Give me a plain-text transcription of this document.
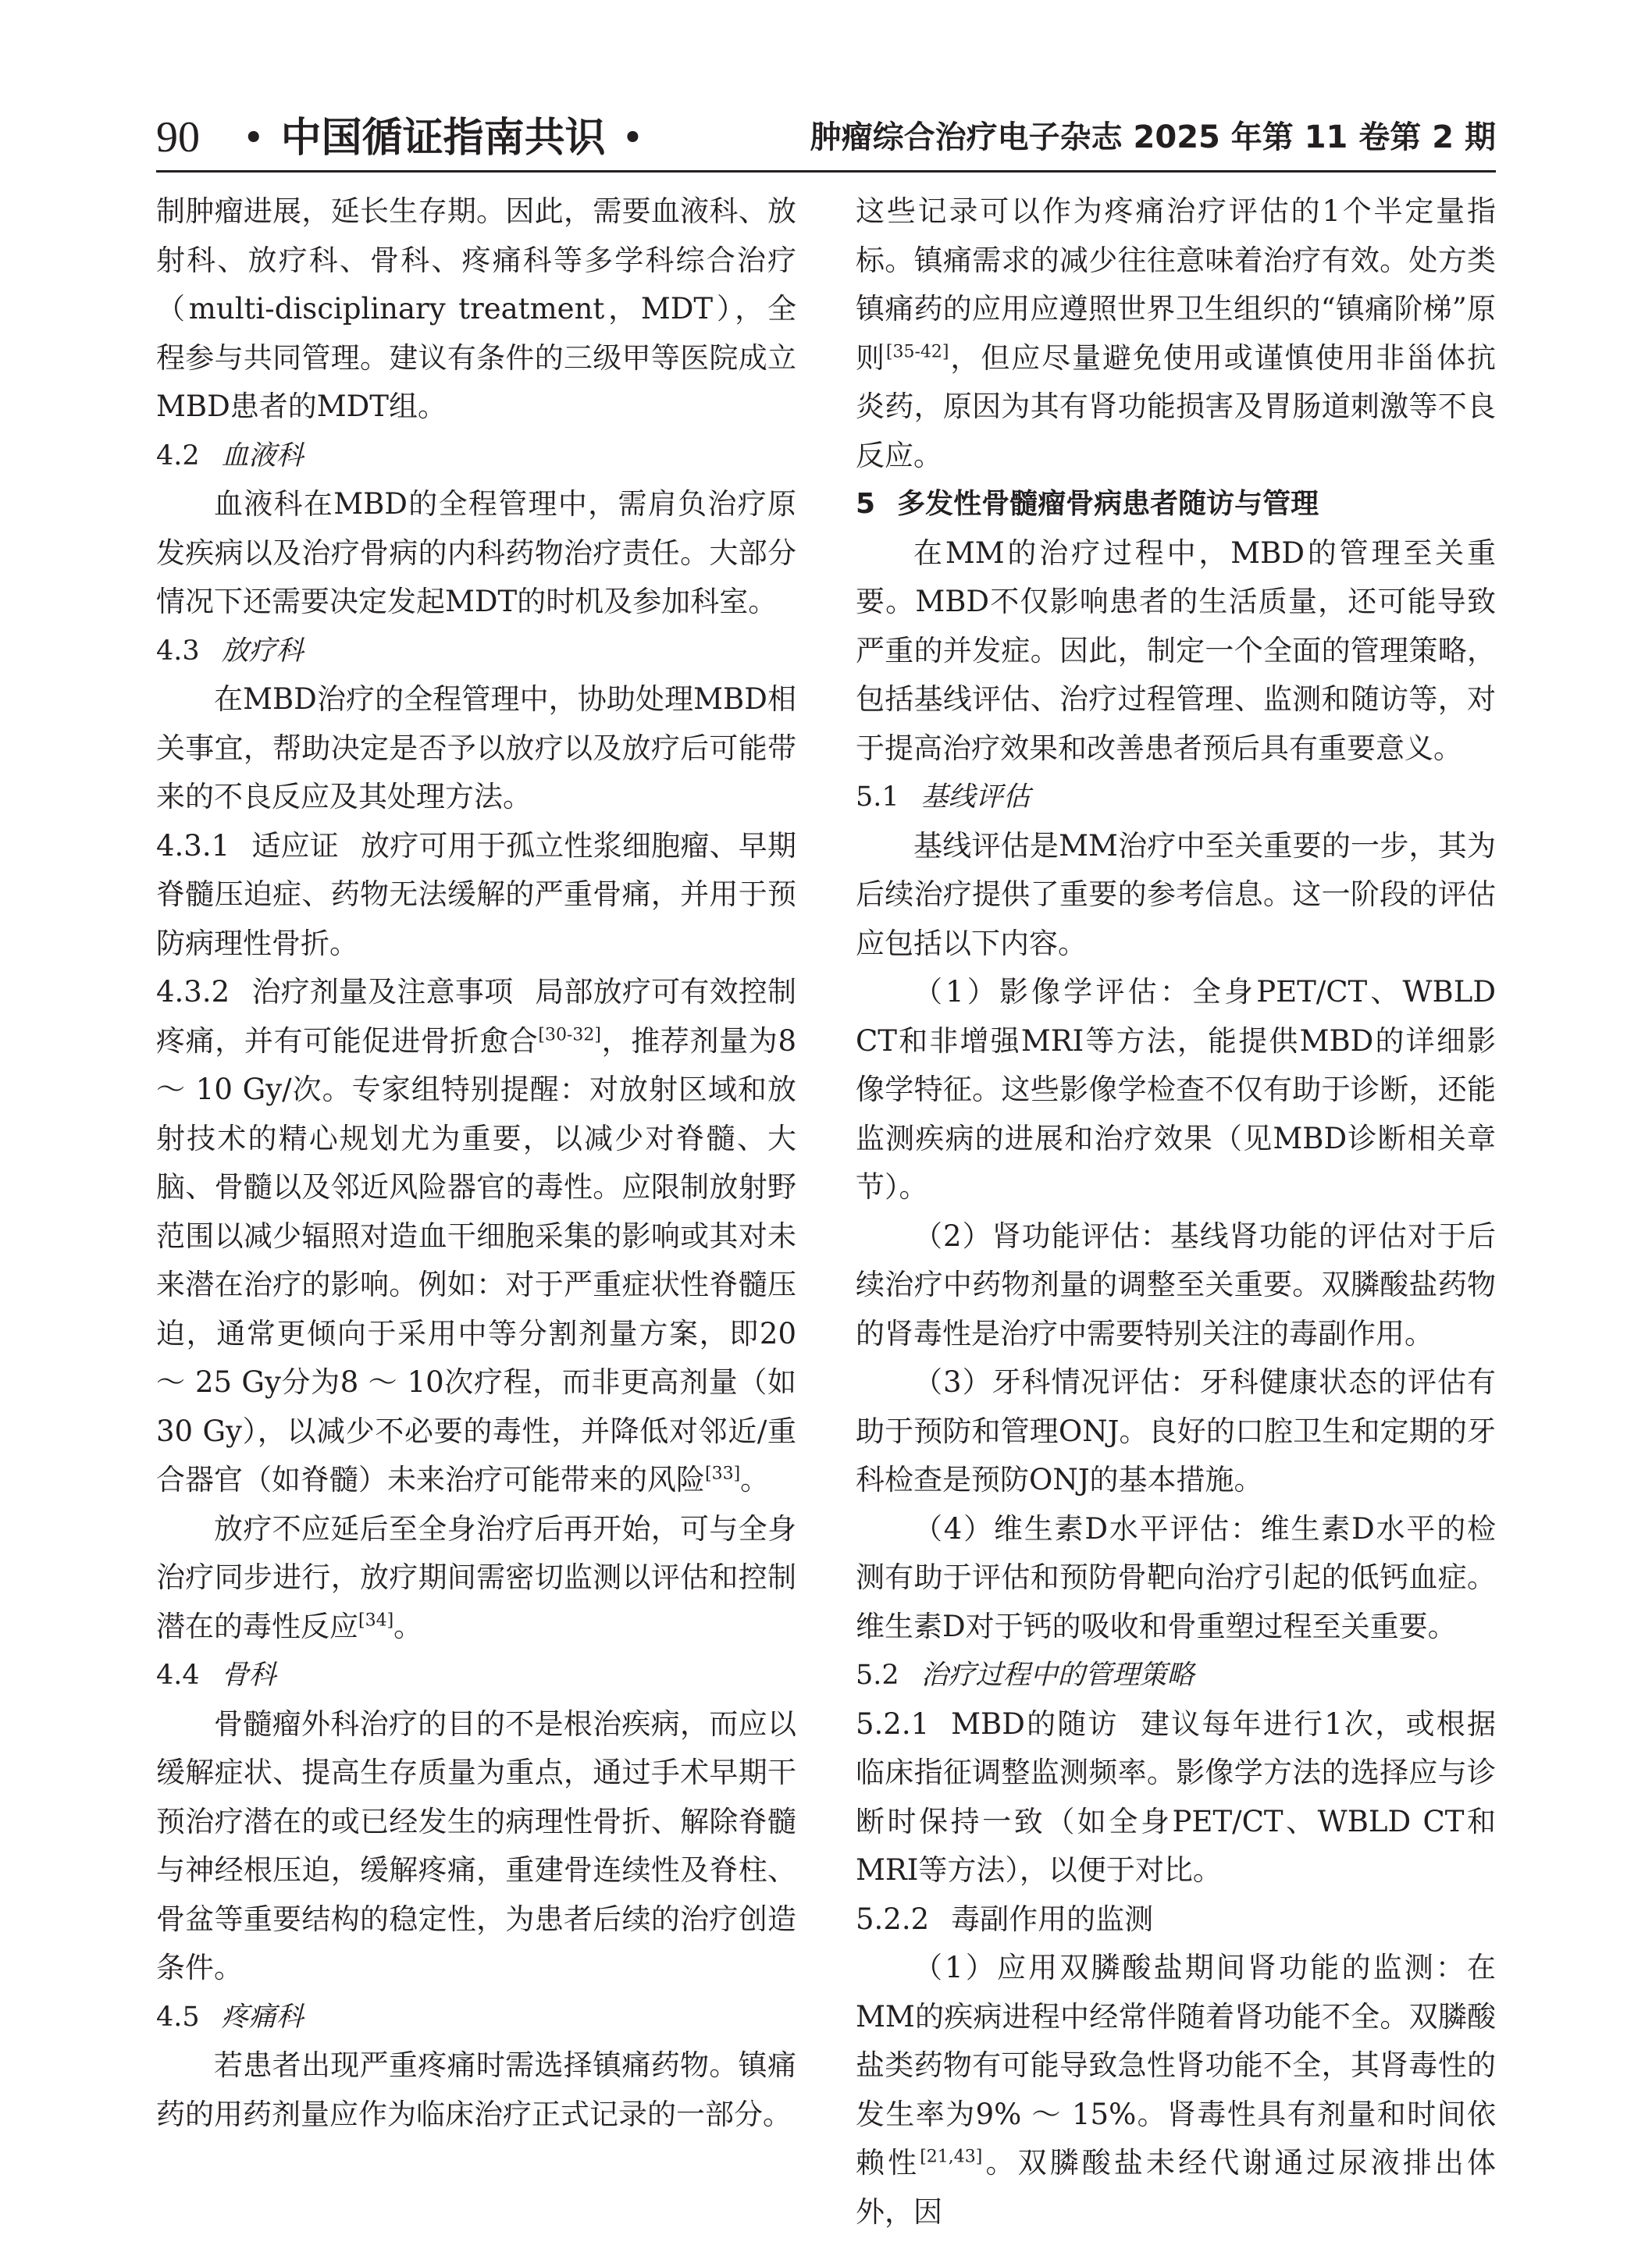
90 • 中国循证指南共识 •	肿瘤综合治疗电子杂志 2025 年第 11 卷第 2 期

制肿瘤进展，延长生存期。因此，需要血液科、放射科、放疗科、骨科、疼痛科等多学科综合治疗（multi-disciplinary treatment，MDT），全程参与共同管理。建议有条件的三级甲等医院成立MBD患者的MDT组。

4.2 血液科

血液科在MBD的全程管理中，需肩负治疗原发疾病以及治疗骨病的内科药物治疗责任。大部分情况下还需要决定发起MDT的时机及参加科室。

4.3 放疗科

在MBD治疗的全程管理中，协助处理MBD相关事宜，帮助决定是否予以放疗以及放疗后可能带来的不良反应及其处理方法。

4.3.1 适应证 放疗可用于孤立性浆细胞瘤、早期脊髓压迫症、药物无法缓解的严重骨痛，并用于预防病理性骨折。

4.3.2 治疗剂量及注意事项 局部放疗可有效控制疼痛，并有可能促进骨折愈合[30-32]，推荐剂量为8 ～ 10 Gy/次。专家组特别提醒：对放射区域和放射技术的精心规划尤为重要，以减少对脊髓、大脑、骨髓以及邻近风险器官的毒性。应限制放射野范围以减少辐照对造血干细胞采集的影响或其对未来潜在治疗的影响。例如：对于严重症状性脊髓压迫，通常更倾向于采用中等分割剂量方案，即20 ～ 25 Gy分为8 ～ 10次疗程，而非更高剂量（如30 Gy），以减少不必要的毒性，并降低对邻近/重合器官（如脊髓）未来治疗可能带来的风险[33]。

放疗不应延后至全身治疗后再开始，可与全身治疗同步进行，放疗期间需密切监测以评估和控制潜在的毒性反应[34]。

4.4 骨科

骨髓瘤外科治疗的目的不是根治疾病，而应以缓解症状、提高生存质量为重点，通过手术早期干预治疗潜在的或已经发生的病理性骨折、解除脊髓与神经根压迫，缓解疼痛，重建骨连续性及脊柱、骨盆等重要结构的稳定性，为患者后续的治疗创造条件。

4.5 疼痛科

若患者出现严重疼痛时需选择镇痛药物。镇痛药的用药剂量应作为临床治疗正式记录的一部分。

这些记录可以作为疼痛治疗评估的1个半定量指标。镇痛需求的减少往往意味着治疗有效。处方类镇痛药的应用应遵照世界卫生组织的“镇痛阶梯”原则[35-42]，但应尽量避免使用或谨慎使用非甾体抗炎药，原因为其有肾功能损害及胃肠道刺激等不良反应。

5 多发性骨髓瘤骨病患者随访与管理

在MM的治疗过程中，MBD的管理至关重要。MBD不仅影响患者的生活质量，还可能导致严重的并发症。因此，制定一个全面的管理策略，包括基线评估、治疗过程管理、监测和随访等，对于提高治疗效果和改善患者预后具有重要意义。

5.1 基线评估

基线评估是MM治疗中至关重要的一步，其为后续治疗提供了重要的参考信息。这一阶段的评估应包括以下内容。

（1）影像学评估：全身PET/CT、WBLD CT和非增强MRI等方法，能提供MBD的详细影像学特征。这些影像学检查不仅有助于诊断，还能监测疾病的进展和治疗效果（见MBD诊断相关章节）。

（2）肾功能评估：基线肾功能的评估对于后续治疗中药物剂量的调整至关重要。双膦酸盐药物的肾毒性是治疗中需要特别关注的毒副作用。

（3）牙科情况评估：牙科健康状态的评估有助于预防和管理ONJ。良好的口腔卫生和定期的牙科检查是预防ONJ的基本措施。

（4）维生素D水平评估：维生素D水平的检测有助于评估和预防骨靶向治疗引起的低钙血症。维生素D对于钙的吸收和骨重塑过程至关重要。

5.2 治疗过程中的管理策略

5.2.1 MBD的随访 建议每年进行1次，或根据临床指征调整监测频率。影像学方法的选择应与诊断时保持一致（如全身PET/CT、WBLD CT和MRI等方法），以便于对比。

5.2.2 毒副作用的监测

（1）应用双膦酸盐期间肾功能的监测：在MM的疾病进程中经常伴随着肾功能不全。双膦酸盐类药物有可能导致急性肾功能不全，其肾毒性的发生率为9% ～ 15%。肾毒性具有剂量和时间依赖性[21,43]。双膦酸盐未经代谢通过尿液排出体外，因
